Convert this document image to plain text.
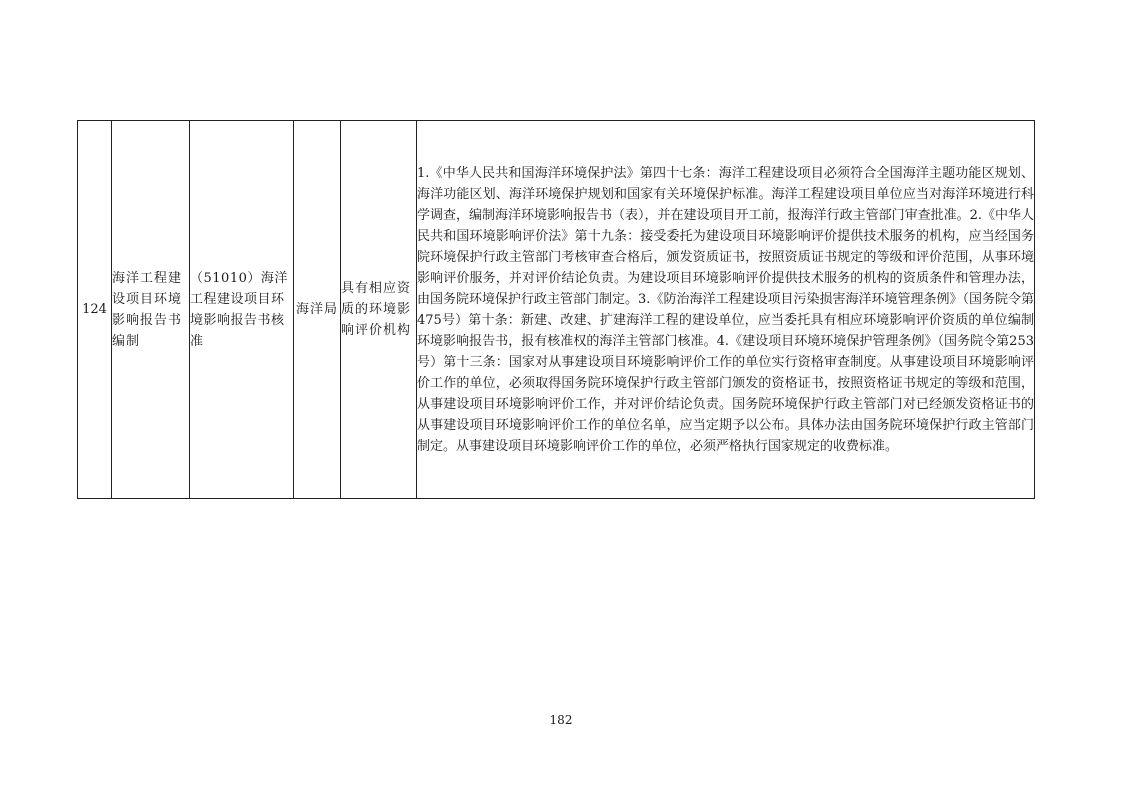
124	海洋工程建设项目环境影响报告书编制	（51010）海洋工程建设项目环境影响报告书核准	海洋局	具有相应资质的环境影响评价机构	1.《中华人民共和国海洋环境保护法》第四十七条：海洋工程建设项目必须符合全国海洋主题功能区规划、海洋功能区划、海洋环境保护规划和国家有关环境保护标准。海洋工程建设项目单位应当对海洋环境进行科学调查，编制海洋环境影响报告书（表），并在建设项目开工前，报海洋行政主管部门审查批准。2.《中华人民共和国环境影响评价法》第十九条：接受委托为建设项目环境影响评价提供技术服务的机构，应当经国务院环境保护行政主管部门考核审查合格后，颁发资质证书，按照资质证书规定的等级和评价范围，从事环境影响评价服务，并对评价结论负责。为建设项目环境影响评价提供技术服务的机构的资质条件和管理办法，由国务院环境保护行政主管部门制定。3.《防治海洋工程建设项目污染损害海洋环境管理条例》（国务院令第475号）第十条：新建、改建、扩建海洋工程的建设单位，应当委托具有相应环境影响评价资质的单位编制环境影响报告书，报有核准权的海洋主管部门核准。4.《建设项目环境环境保护管理条例》（国务院令第253号）第十三条：国家对从事建设项目环境影响评价工作的单位实行资格审查制度。从事建设项目环境影响评价工作的单位，必须取得国务院环境保护行政主管部门颁发的资格证书，按照资格证书规定的等级和范围，从事建设项目环境影响评价工作，并对评价结论负责。国务院环境保护行政主管部门对已经颁发资格证书的从事建设项目环境影响评价工作的单位名单，应当定期予以公布。具体办法由国务院环境保护行政主管部门制定。从事建设项目环境影响评价工作的单位，必须严格执行国家规定的收费标准。
182
